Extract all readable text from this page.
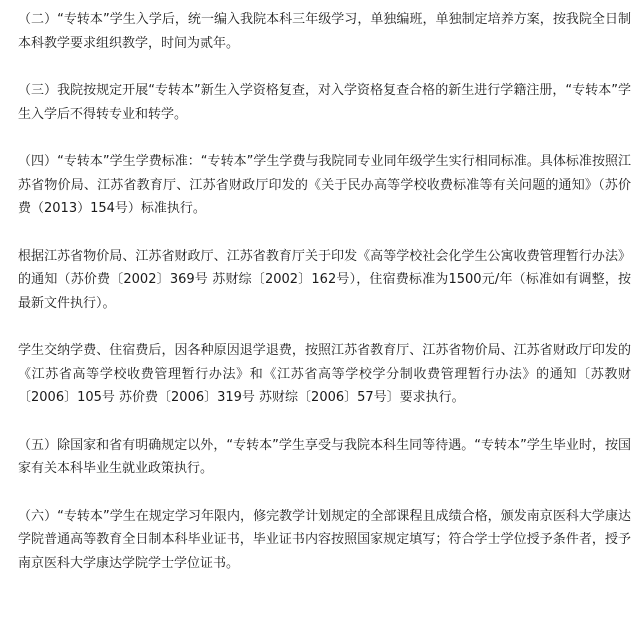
（二）“专转本”学生入学后，统一编入我院本科三年级学习，单独编班，单独制定培养方案，按我院全日制本科教学要求组织教学，时间为贰年。

（三）我院按规定开展“专转本”新生入学资格复查，对入学资格复查合格的新生进行学籍注册，“专转本”学生入学后不得转专业和转学。

（四）“专转本”学生学费标准：“专转本”学生学费与我院同专业同年级学生实行相同标准。具体标准按照江苏省物价局、江苏省教育厅、江苏省财政厅印发的《关于民办高等学校收费标准等有关问题的通知》（苏价费（2013）154号）标准执行。

根据江苏省物价局、江苏省财政厅、江苏省教育厅关于印发《高等学校社会化学生公寓收费管理暂行办法》的通知（苏价费〔2002〕369号 苏财综〔2002〕162号），住宿费标准为1500元/年（标准如有调整，按最新文件执行）。

学生交纳学费、住宿费后，因各种原因退学退费，按照江苏省教育厅、江苏省物价局、江苏省财政厅印发的《江苏省高等学校收费管理暂行办法》和《江苏省高等学校学分制收费管理暂行办法》的通知〔苏教财〔2006〕105号 苏价费〔2006〕319号 苏财综〔2006〕57号〕要求执行。

（五）除国家和省有明确规定以外，“专转本”学生享受与我院本科生同等待遇。“专转本”学生毕业时，按国家有关本科毕业生就业政策执行。

（六）“专转本”学生在规定学习年限内，修完教学计划规定的全部课程且成绩合格，颁发南京医科大学康达学院普通高等教育全日制本科毕业证书，毕业证书内容按照国家规定填写；符合学士学位授予条件者，授予南京医科大学康达学院学士学位证书。
